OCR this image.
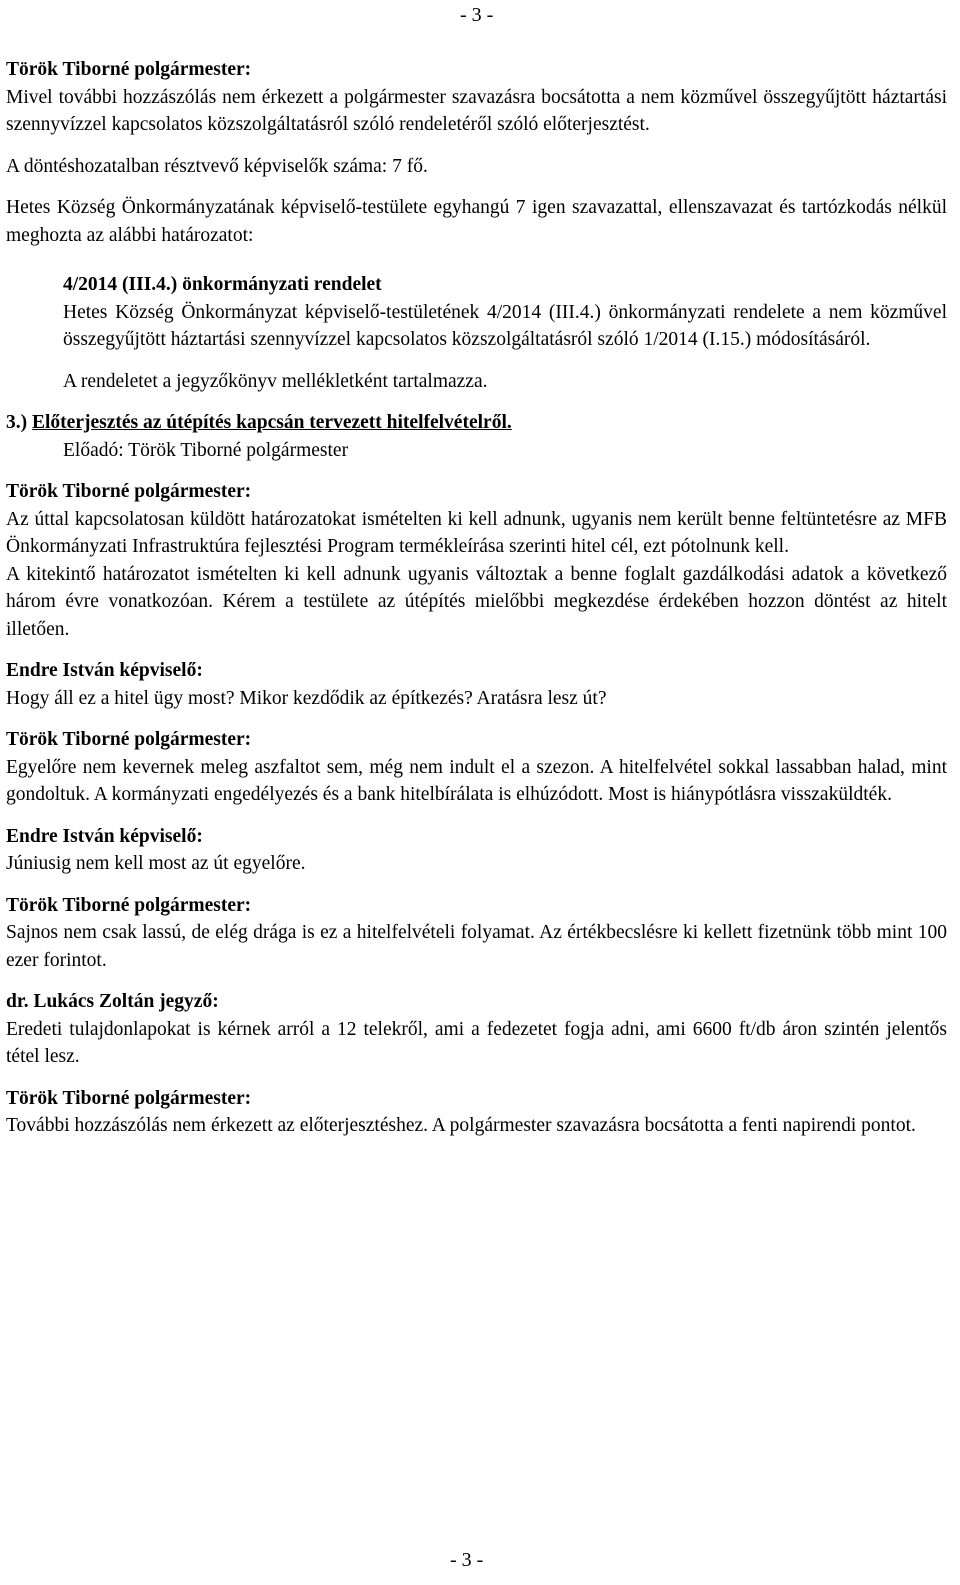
- 3 -

Török Tiborné polgármester:

Mivel további hozzászólás nem érkezett a polgármester szavazásra bocsátotta a nem közművel összegyűjtött háztartási szennyvízzel kapcsolatos közszolgáltatásról szóló rendeletéről szóló előterjesztést.

A döntéshozatalban résztvevő képviselők száma: 7 fő.

Hetes Község Önkormányzatának képviselő-testülete egyhangú 7 igen szavazattal, ellenszavazat és tartózkodás nélkül meghozta az alábbi határozatot:

4/2014 (III.4.) önkormányzati rendelet

Hetes Község Önkormányzat képviselő-testületének 4/2014 (III.4.) önkormányzati rendelete a nem közművel összegyűjtött háztartási szennyvízzel kapcsolatos közszolgáltatásról szóló 1/2014 (I.15.) módosításáról.

A rendeletet a jegyzőkönyv mellékletként tartalmazza.

3.) Előterjesztés az útépítés kapcsán tervezett hitelfelvételről.

Előadó: Török Tiborné polgármester

Török Tiborné polgármester:

Az úttal kapcsolatosan küldött határozatokat ismételten ki kell adnunk, ugyanis nem került benne feltüntetésre az MFB Önkormányzati Infrastruktúra fejlesztési Program termékleírása szerinti hitel cél, ezt pótolnunk kell.

A kitekintő határozatot ismételten ki kell adnunk ugyanis változtak a benne foglalt gazdálkodási adatok a következő három évre vonatkozóan. Kérem a testülete az útépítés mielőbbi megkezdése érdekében hozzon döntést az hitelt illetően.

Endre István képviselő:

Hogy áll ez a hitel ügy most? Mikor kezdődik az építkezés? Aratásra lesz út?

Török Tiborné polgármester:

Egyelőre nem kevernek meleg aszfaltot sem, még nem indult el a szezon. A hitelfelvétel sokkal lassabban halad, mint gondoltuk. A kormányzati engedélyezés és a bank hitelbírálata is elhúzódott. Most is hiánypótlásra visszaküldték.

Endre István képviselő:

Júniusig nem kell most az út egyelőre.

Török Tiborné polgármester:

Sajnos nem csak lassú, de elég drága is ez a hitelfelvételi folyamat. Az értékbecslésre ki kellett fizetnünk több mint 100 ezer forintot.

dr. Lukács Zoltán jegyző:

Eredeti tulajdonlapokat is kérnek arról a 12 telekről, ami a fedezetet fogja adni, ami 6600 ft/db áron szintén jelentős tétel lesz.

Török Tiborné polgármester:

További hozzászólás nem érkezett az előterjesztéshez. A polgármester szavazásra bocsátotta a fenti napirendi pontot.

- 3 -
